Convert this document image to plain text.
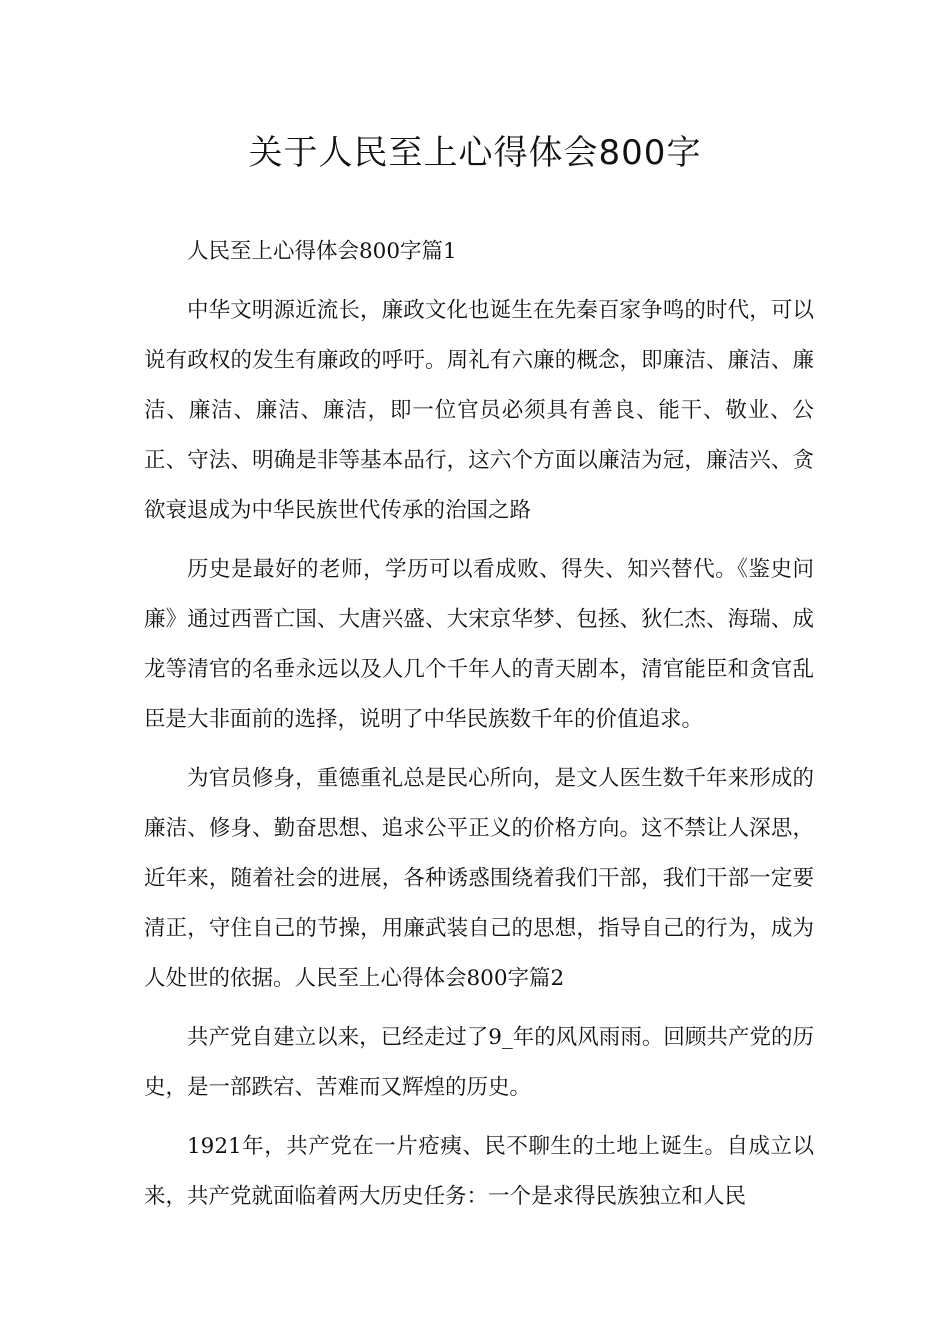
关于人民至上心得体会800字

人民至上心得体会800字篇1

中华文明源近流长，廉政文化也诞生在先秦百家争鸣的时代，可以说有政权的发生有廉政的呼吁。周礼有六廉的概念，即廉洁、廉洁、廉洁、廉洁、廉洁、廉洁，即一位官员必须具有善良、能干、敬业、公正、守法、明确是非等基本品行，这六个方面以廉洁为冠，廉洁兴、贪欲衰退成为中华民族世代传承的治国之路

历史是最好的老师，学历可以看成败、得失、知兴替代。《鉴史问廉》通过西晋亡国、大唐兴盛、大宋京华梦、包拯、狄仁杰、海瑞、成龙等清官的名垂永远以及人几个千年人的青天剧本，清官能臣和贪官乱臣是大非面前的选择，说明了中华民族数千年的价值追求。

为官员修身，重德重礼总是民心所向，是文人医生数千年来形成的廉洁、修身、勤奋思想、追求公平正义的价格方向。这不禁让人深思，近年来，随着社会的进展，各种诱惑围绕着我们干部，我们干部一定要清正，守住自己的节操，用廉武装自己的思想，指导自己的行为，成为人处世的依据。人民至上心得体会800字篇2

共产党自建立以来，已经走过了9_年的风风雨雨。回顾共产党的历史，是一部跌宕、苦难而又辉煌的历史。

1921年，共产党在一片疮痍、民不聊生的土地上诞生。自成立以来，共产党就面临着两大历史任务：一个是求得民族独立和人民
